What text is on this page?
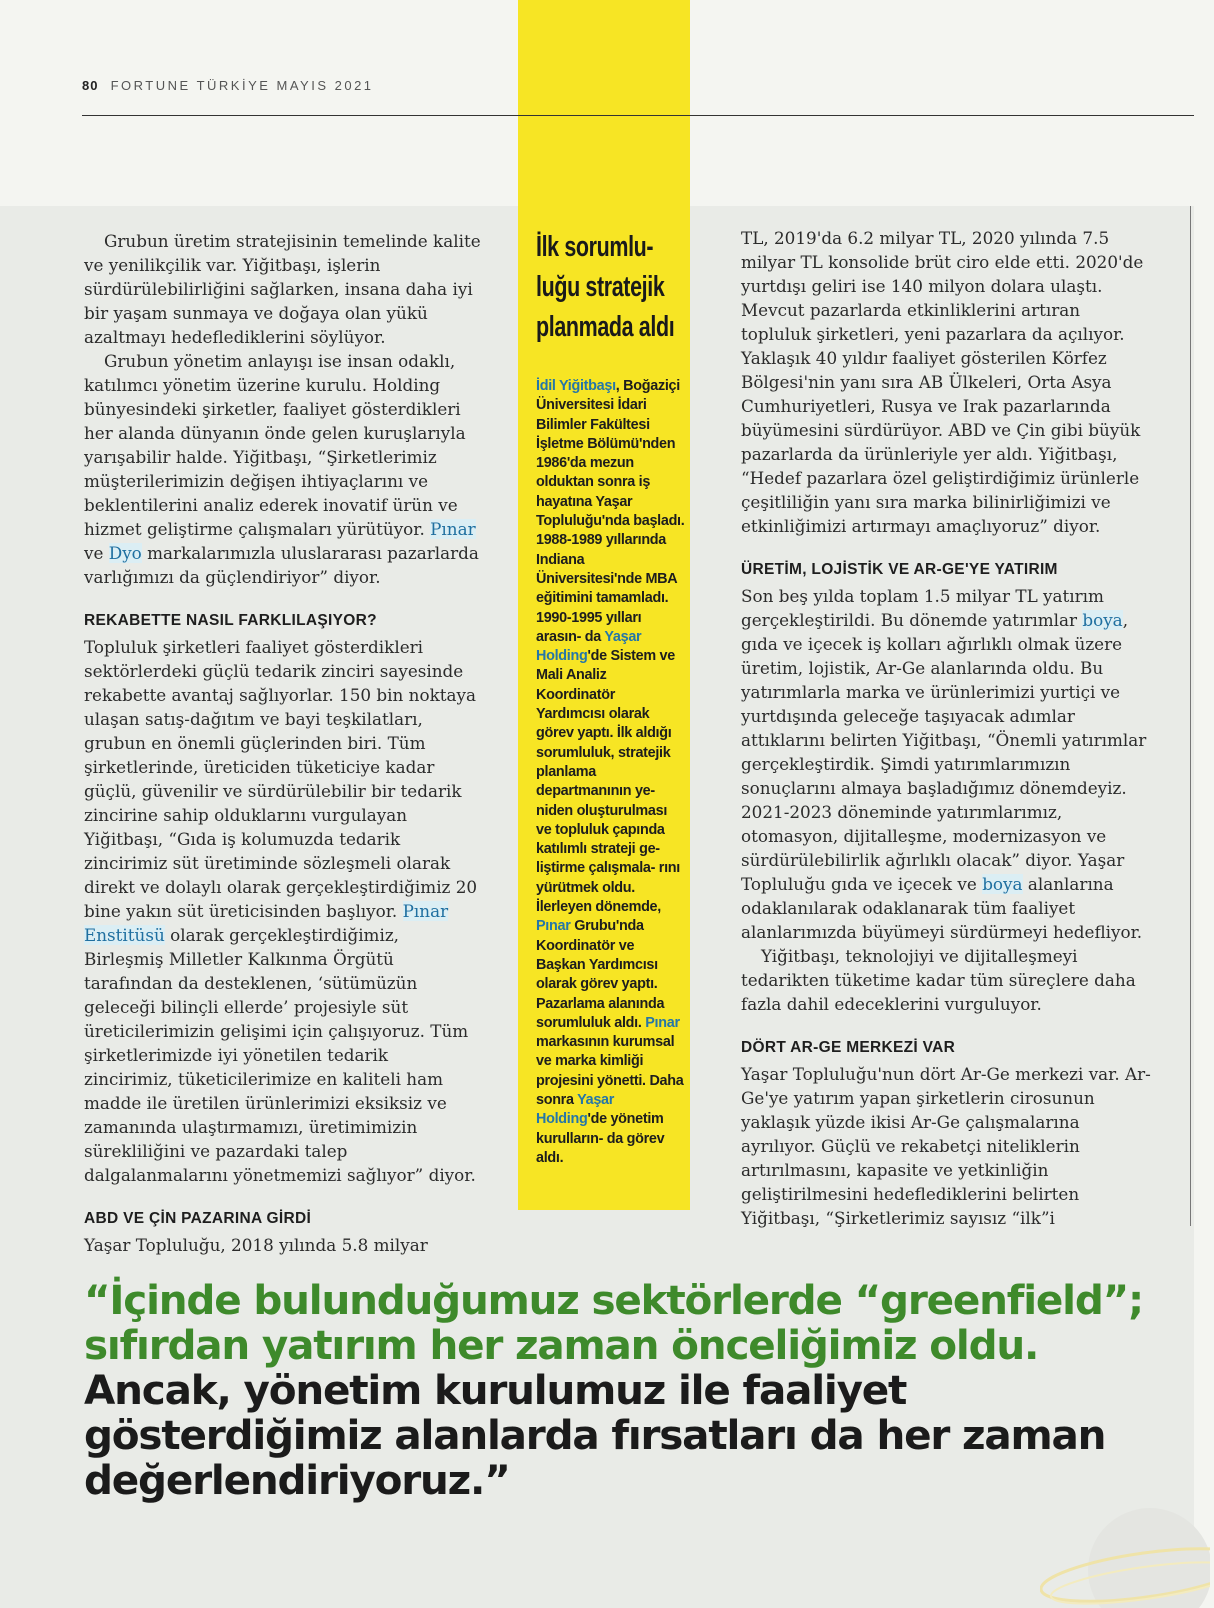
80 FORTUNE TÜRKİYE MAYIS 2021

Grubun üretim stratejisinin temelinde kalite ve yenilikçilik var. Yiğitbaşı, işlerin sürdürülebilirliğini sağlarken, insana daha iyi bir yaşam sunmaya ve doğaya olan yükü azaltmayı hedeflediklerini söylüyor.

Grubun yönetim anlayışı ise insan odaklı, katılımcı yönetim üzerine kurulu. Holding bünyesindeki şirketler, faaliyet gösterdikleri her alanda dünyanın önde gelen kuruşlarıyla yarışabilir halde. Yiğitbaşı, “Şirketlerimiz müşterilerimizin değişen ihtiyaçlarını ve beklentilerini analiz ederek inovatif ürün ve hizmet geliştirme çalışmaları yürütüyor. Pınar ve Dyo markalarımızla uluslararası pazarlarda varlığımızı da güçlendiriyor” diyor.

REKABETTE NASIL FARKLILAŞIYOR?

Topluluk şirketleri faaliyet gösterdikleri sektörlerdeki güçlü tedarik zinciri sayesinde rekabette avantaj sağlıyorlar. 150 bin noktaya ulaşan satış-dağıtım ve bayi teşkilatları, grubun en önemli güçlerinden biri. Tüm şirketlerinde, üreticiden tüketiciye kadar güçlü, güvenilir ve sürdürülebilir bir tedarik zincirine sahip olduklarını vurgulayan Yiğitbaşı, “Gıda iş kolumuzda tedarik zincirimiz süt üretiminde sözleşmeli olarak direkt ve dolaylı olarak gerçekleştirdiğimiz 20 bine yakın süt üreticisinden başlıyor. Pınar Enstitüsü olarak gerçekleştirdiğimiz, Birleşmiş Milletler Kalkınma Örgütü tarafından da desteklenen, ‘sütümüzün geleceği bilinçli ellerde’ projesiyle süt üreticilerimizin gelişimi için çalışıyoruz. Tüm şirketlerimizde iyi yönetilen tedarik zincirimiz, tüketicilerimize en kaliteli ham madde ile üretilen ürünlerimizi eksiksiz ve zamanında ulaştırmamızı, üretimimizin sürekliliğini ve pazardaki talep dalgalanmalarını yönetmemizi sağlıyor” diyor.

ABD VE ÇİN PAZARINA GİRDİ

Yaşar Topluluğu, 2018 yılında 5.8 milyar

İlk sorumlu- luğu stratejik planmada aldı
İdil Yiğitbaşı, Boğaziçi Üniversitesi İdari Bilimler Fakültesi İşletme Bölümü'nden 1986'da mezun olduktan sonra iş hayatına Yaşar Topluluğu'nda başladı. 1988-1989 yıllarında Indiana Üniversitesi'nde MBA eğitimini tamamladı. 1990-1995 yılları arasın- da Yaşar Holding'de Sistem ve Mali Analiz Koordinatör Yardımcısı olarak görev yaptı. İlk aldığı sorumluluk, stratejik planlama departmanının ye- niden oluşturulması ve topluluk çapında katılımlı strateji ge- liştirme çalışmala- rını yürütmek oldu. İlerleyen dönemde, Pınar Grubu'nda Koordinatör ve Başkan Yardımcısı olarak görev yaptı. Pazarlama alanında sorumluluk aldı. Pınar markasının kurumsal ve marka kimliği projesini yönetti. Daha sonra Yaşar Holding'de yönetim kurulların- da görev aldı.

TL, 2019'da 6.2 milyar TL, 2020 yılında 7.5 milyar TL konsolide brüt ciro elde etti. 2020'de yurtdışı geliri ise 140 milyon dolara ulaştı. Mevcut pazarlarda etkinliklerini artıran topluluk şirketleri, yeni pazarlara da açılıyor. Yaklaşık 40 yıldır faaliyet gösterilen Körfez Bölgesi'nin yanı sıra AB Ülkeleri, Orta Asya Cumhuriyetleri, Rusya ve Irak pazarlarında büyümesini sürdürüyor. ABD ve Çin gibi büyük pazarlarda da ürünleriyle yer aldı. Yiğitbaşı, “Hedef pazarlara özel geliştirdiğimiz ürünlerle çeşitliliğin yanı sıra marka bilinirliğimizi ve etkinliğimizi artırmayı amaçlıyoruz” diyor.

ÜRETİM, LOJİSTİK VE AR-GE'YE YATIRIM

Son beş yılda toplam 1.5 milyar TL yatırım gerçekleştirildi. Bu dönemde yatırımlar boya, gıda ve içecek iş kolları ağırlıklı olmak üzere üretim, lojistik, Ar-Ge alanlarında oldu. Bu yatırımlarla marka ve ürünlerimizi yurtiçi ve yurtdışında geleceğe taşıyacak adımlar attıklarını belirten Yiğitbaşı, “Önemli yatırımlar gerçekleştirdik. Şimdi yatırımlarımızın sonuçlarını almaya başladığımız dönemdeyiz. 2021-2023 döneminde yatırımlarımız, otomasyon, dijitalleşme, modernizasyon ve sürdürülebilirlik ağırlıklı olacak” diyor. Yaşar Topluluğu gıda ve içecek ve boya alanlarına odaklanılarak odaklanarak tüm faaliyet alanlarımızda büyümeyi sürdürmeyi hedefliyor.

Yiğitbaşı, teknolojiyi ve dijitalleşmeyi tedarikten tüketime kadar tüm süreçlere daha fazla dahil edeceklerini vurguluyor.

DÖRT AR-GE MERKEZİ VAR

Yaşar Topluluğu'nun dört Ar-Ge merkezi var. Ar-Ge'ye yatırım yapan şirketlerin cirosunun yaklaşık yüzde ikisi Ar-Ge çalışmalarına ayrılıyor. Güçlü ve rekabetçi niteliklerin artırılmasını, kapasite ve yetkinliğin geliştirilmesini hedeflediklerini belirten Yiğitbaşı, “Şirketlerimiz sayısız “ilk”i

“İçinde bulunduğumuz sektörlerde “greenfield”;
sıfırdan yatırım her zaman önceliğimiz oldu.
Ancak, yönetim kurulumuz ile faaliyet
gösterdiğimiz alanlarda fırsatları da her zaman
değerlendiriyoruz.”
